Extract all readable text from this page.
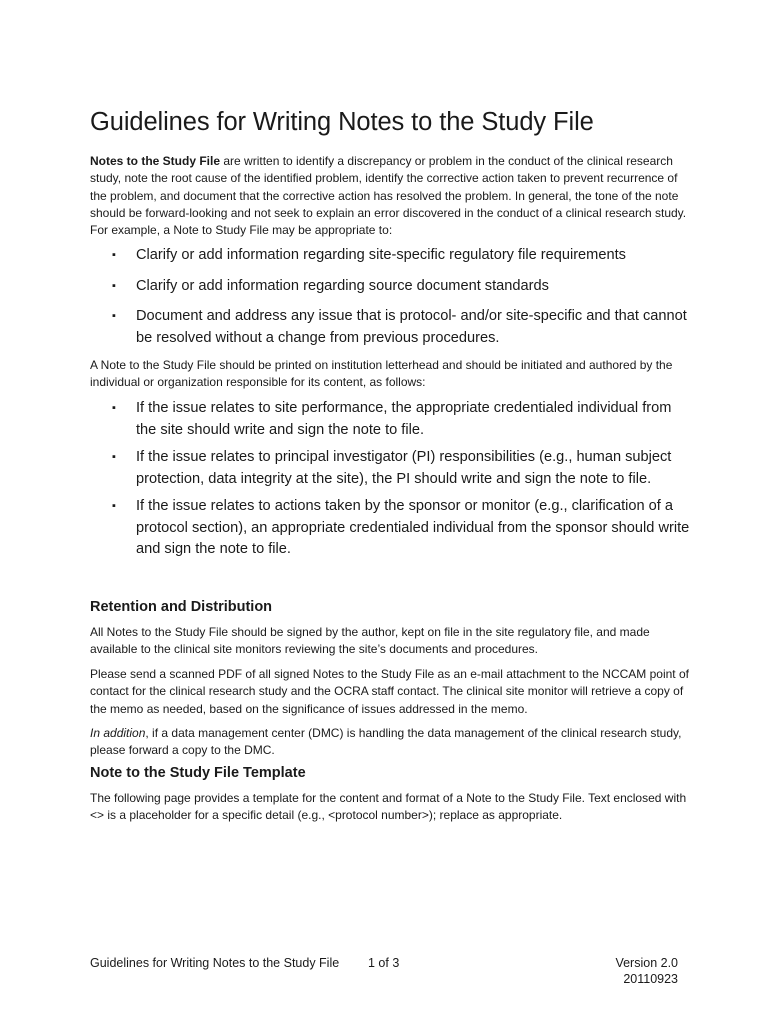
Guidelines for Writing Notes to the Study File

Notes to the Study File are written to identify a discrepancy or problem in the conduct of the clinical research study, note the root cause of the identified problem, identify the corrective action taken to prevent recurrence of the problem, and document that the corrective action has resolved the problem. In general, the tone of the note should be forward-looking and not seek to explain an error discovered in the conduct of a clinical research study. For example, a Note to Study File may be appropriate to:

▪ Clarify or add information regarding site-specific regulatory file requirements
▪ Clarify or add information regarding source document standards
▪ Document and address any issue that is protocol- and/or site-specific and that cannot be resolved without a change from previous procedures.

A Note to the Study File should be printed on institution letterhead and should be initiated and authored by the individual or organization responsible for its content, as follows:

▪ If the issue relates to site performance, the appropriate credentialed individual from the site should write and sign the note to file.
▪ If the issue relates to principal investigator (PI) responsibilities (e.g., human subject protection, data integrity at the site), the PI should write and sign the note to file.
▪ If the issue relates to actions taken by the sponsor or monitor (e.g., clarification of a protocol section), an appropriate credentialed individual from the sponsor should write and sign the note to file.
Retention and Distribution

All Notes to the Study File should be signed by the author, kept on file in the site regulatory file, and made available to the clinical site monitors reviewing the site’s documents and procedures.

Please send a scanned PDF of all signed Notes to the Study File as an e-mail attachment to the NCCAM point of contact for the clinical research study and the OCRA staff contact. The clinical site monitor will retrieve a copy of the memo as needed, based on the significance of issues addressed in the memo.

In addition, if a data management center (DMC) is handling the data management of the clinical research study, please forward a copy to the DMC.

Note to the Study File Template

The following page provides a template for the content and format of a Note to the Study File. Text enclosed with <> is a placeholder for a specific detail (e.g., <protocol number>); replace as appropriate.

Guidelines for Writing Notes to the Study File 1 of 3	Version 2.0
20110923
